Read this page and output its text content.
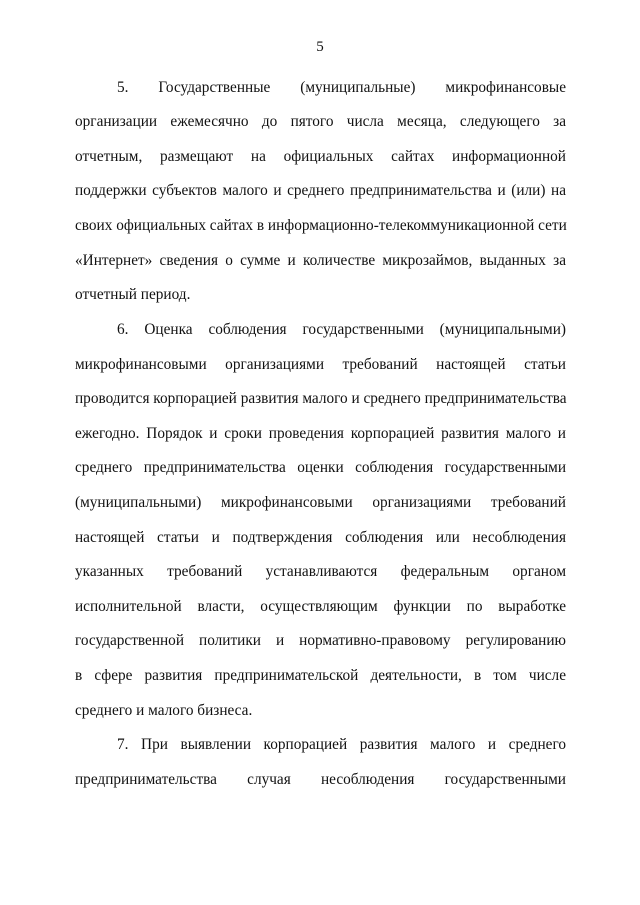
5
5. Государственные (муниципальные) микрофинансовые
организации ежемесячно до пятого числа месяца, следующего за
отчетным, размещают на официальных сайтах информационной
поддержки субъектов малого и среднего предпринимательства и (или) на
своих официальных сайтах в информационно-телекоммуникационной сети
«Интернет» сведения о сумме и количестве микрозаймов, выданных за
отчетный период.
6. Оценка соблюдения государственными (муниципальными)
микрофинансовыми организациями требований настоящей статьи
проводится корпорацией развития малого и среднего предпринимательства
ежегодно. Порядок и сроки проведения корпорацией развития малого и
среднего предпринимательства оценки соблюдения государственными
(муниципальными) микрофинансовыми организациями требований
настоящей статьи и подтверждения соблюдения или несоблюдения
указанных требований устанавливаются федеральным органом
исполнительной власти, осуществляющим функции по выработке
государственной политики и нормативно-правовому регулированию
в сфере развития предпринимательской деятельности, в том числе
среднего и малого бизнеса.
7. При выявлении корпорацией развития малого и среднего
предпринимательства случая несоблюдения государственными
